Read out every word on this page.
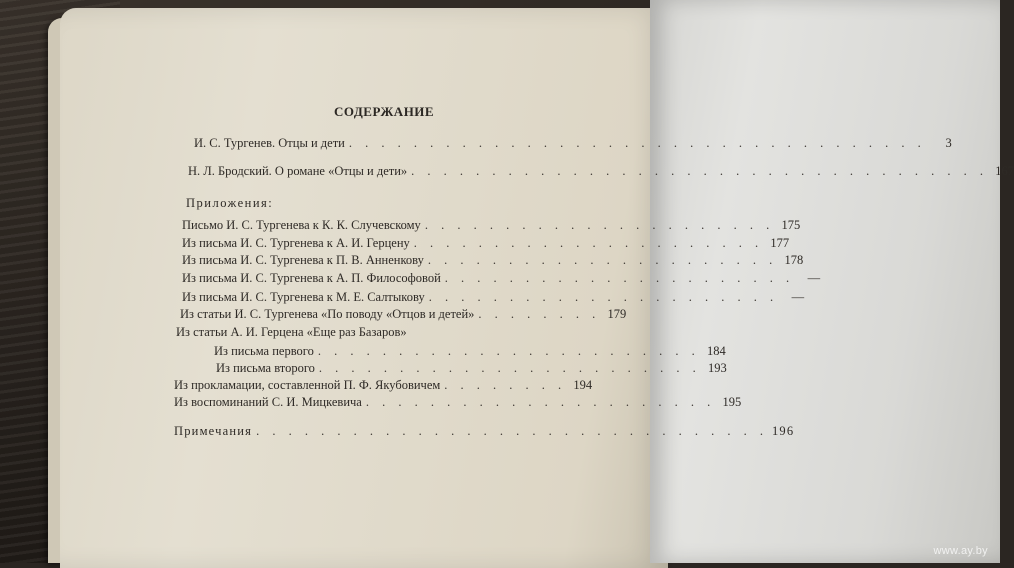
СОДЕРЖАНИЕ
И. С. Тургенев. Отцы и дети . . . . . . . . . . . . . . . . . . . . . . . . . . . . . . . . . . . .	3
Н. Л. Бродский. О романе «Отцы и дети» . . . . . . . . . . . . . . . . . . . . . . . . . . . . . . . . . . . . 167
Приложения:
Письмо И. С. Тургенева к К. К. Случевскому . . . . . . . . . . . . . . . . . . . . . . 175
Из письма И. С. Тургенева к А. И. Герцену . . . . . . . . . . . . . . . . . . . . . . 177
Из письма И. С. Тургенева к П. В. Анненкову . . . . . . . . . . . . . . . . . . . . . . 178
Из письма И. С. Тургенева к А. П. Философовой . . . . . . . . . . . . . . . . . . . . . .	—
Из письма И. С. Тургенева к М. Е. Салтыкову . . . . . . . . . . . . . . . . . . . . . .	—
Из статьи И. С. Тургенева «По поводу «Отцов и детей» . . . . . . . . 179
Из статьи А. И. Герцена «Еще раз Базаров»
Из письма первого . . . . . . . . . . . . . . . . . . . . . . . . 184
Из письма второго . . . . . . . . . . . . . . . . . . . . . . . . 193
Из прокламации, составленной П. Ф. Якубовичем . . . . . . . . 194
Из воспоминаний С. И. Мицкевича . . . . . . . . . . . . . . . . . . . . . . 195
Примечания . . . . . . . . . . . . . . . . . . . . . . . . . . . . . . . . 196
www.ay.by
